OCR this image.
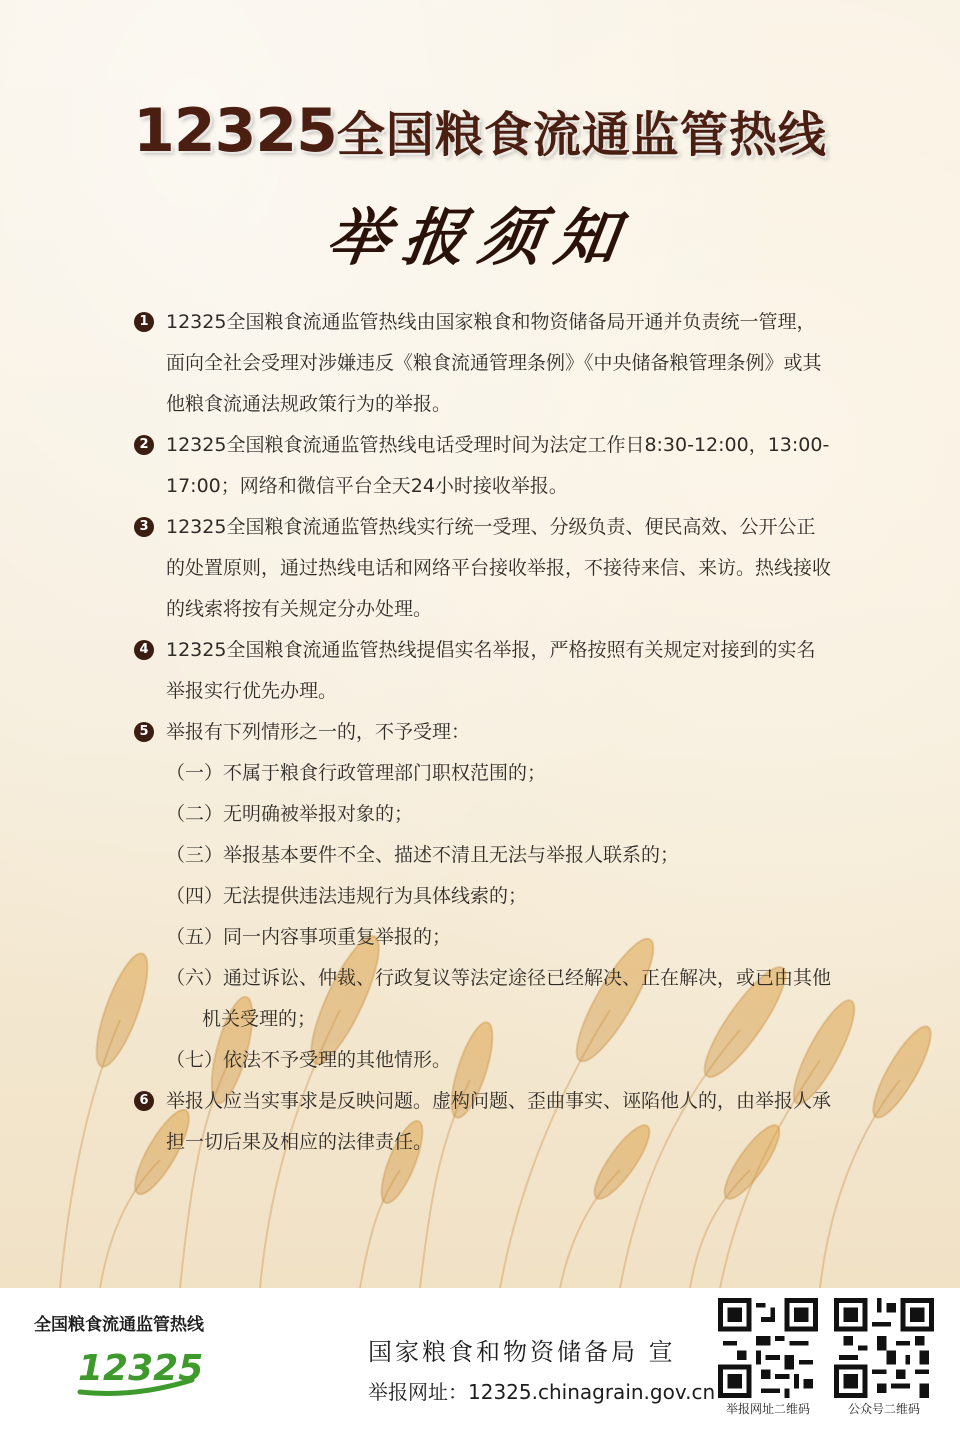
12325全国粮食流通监管热线
举报须知

1 12325全国粮食流通监管热线由国家粮食和物资储备局开通并负责统一管理，面向全社会受理对涉嫌违反《粮食流通管理条例》《中央储备粮管理条例》或其他粮食流通法规政策行为的举报。

2 12325全国粮食流通监管热线电话受理时间为法定工作日8:30-12:00，13:00-17:00；网络和微信平台全天24小时接收举报。

3 12325全国粮食流通监管热线实行统一受理、分级负责、便民高效、公开公正的处置原则，通过热线电话和网络平台接收举报，不接待来信、来访。热线接收的线索将按有关规定分办处理。

4 12325全国粮食流通监管热线提倡实名举报，严格按照有关规定对接到的实名举报实行优先办理。

5 举报有下列情形之一的，不予受理：

（一）不属于粮食行政管理部门职权范围的；

（二）无明确被举报对象的；

（三）举报基本要件不全、描述不清且无法与举报人联系的；

（四）无法提供违法违规行为具体线索的；

（五）同一内容事项重复举报的；

（六）通过诉讼、仲裁、行政复议等法定途径已经解决、正在解决，或已由其他机关受理的；

（七）依法不予受理的其他情形。

6 举报人应当实事求是反映问题。虚构问题、歪曲事实、诬陷他人的，由举报人承担一切后果及相应的法律责任。

全国粮食流通监管热线
12325	国家粮食和物资储备局 宣
举报网址：12325.chinagrain.gov.cn
举报网址二维码	公众号二维码
